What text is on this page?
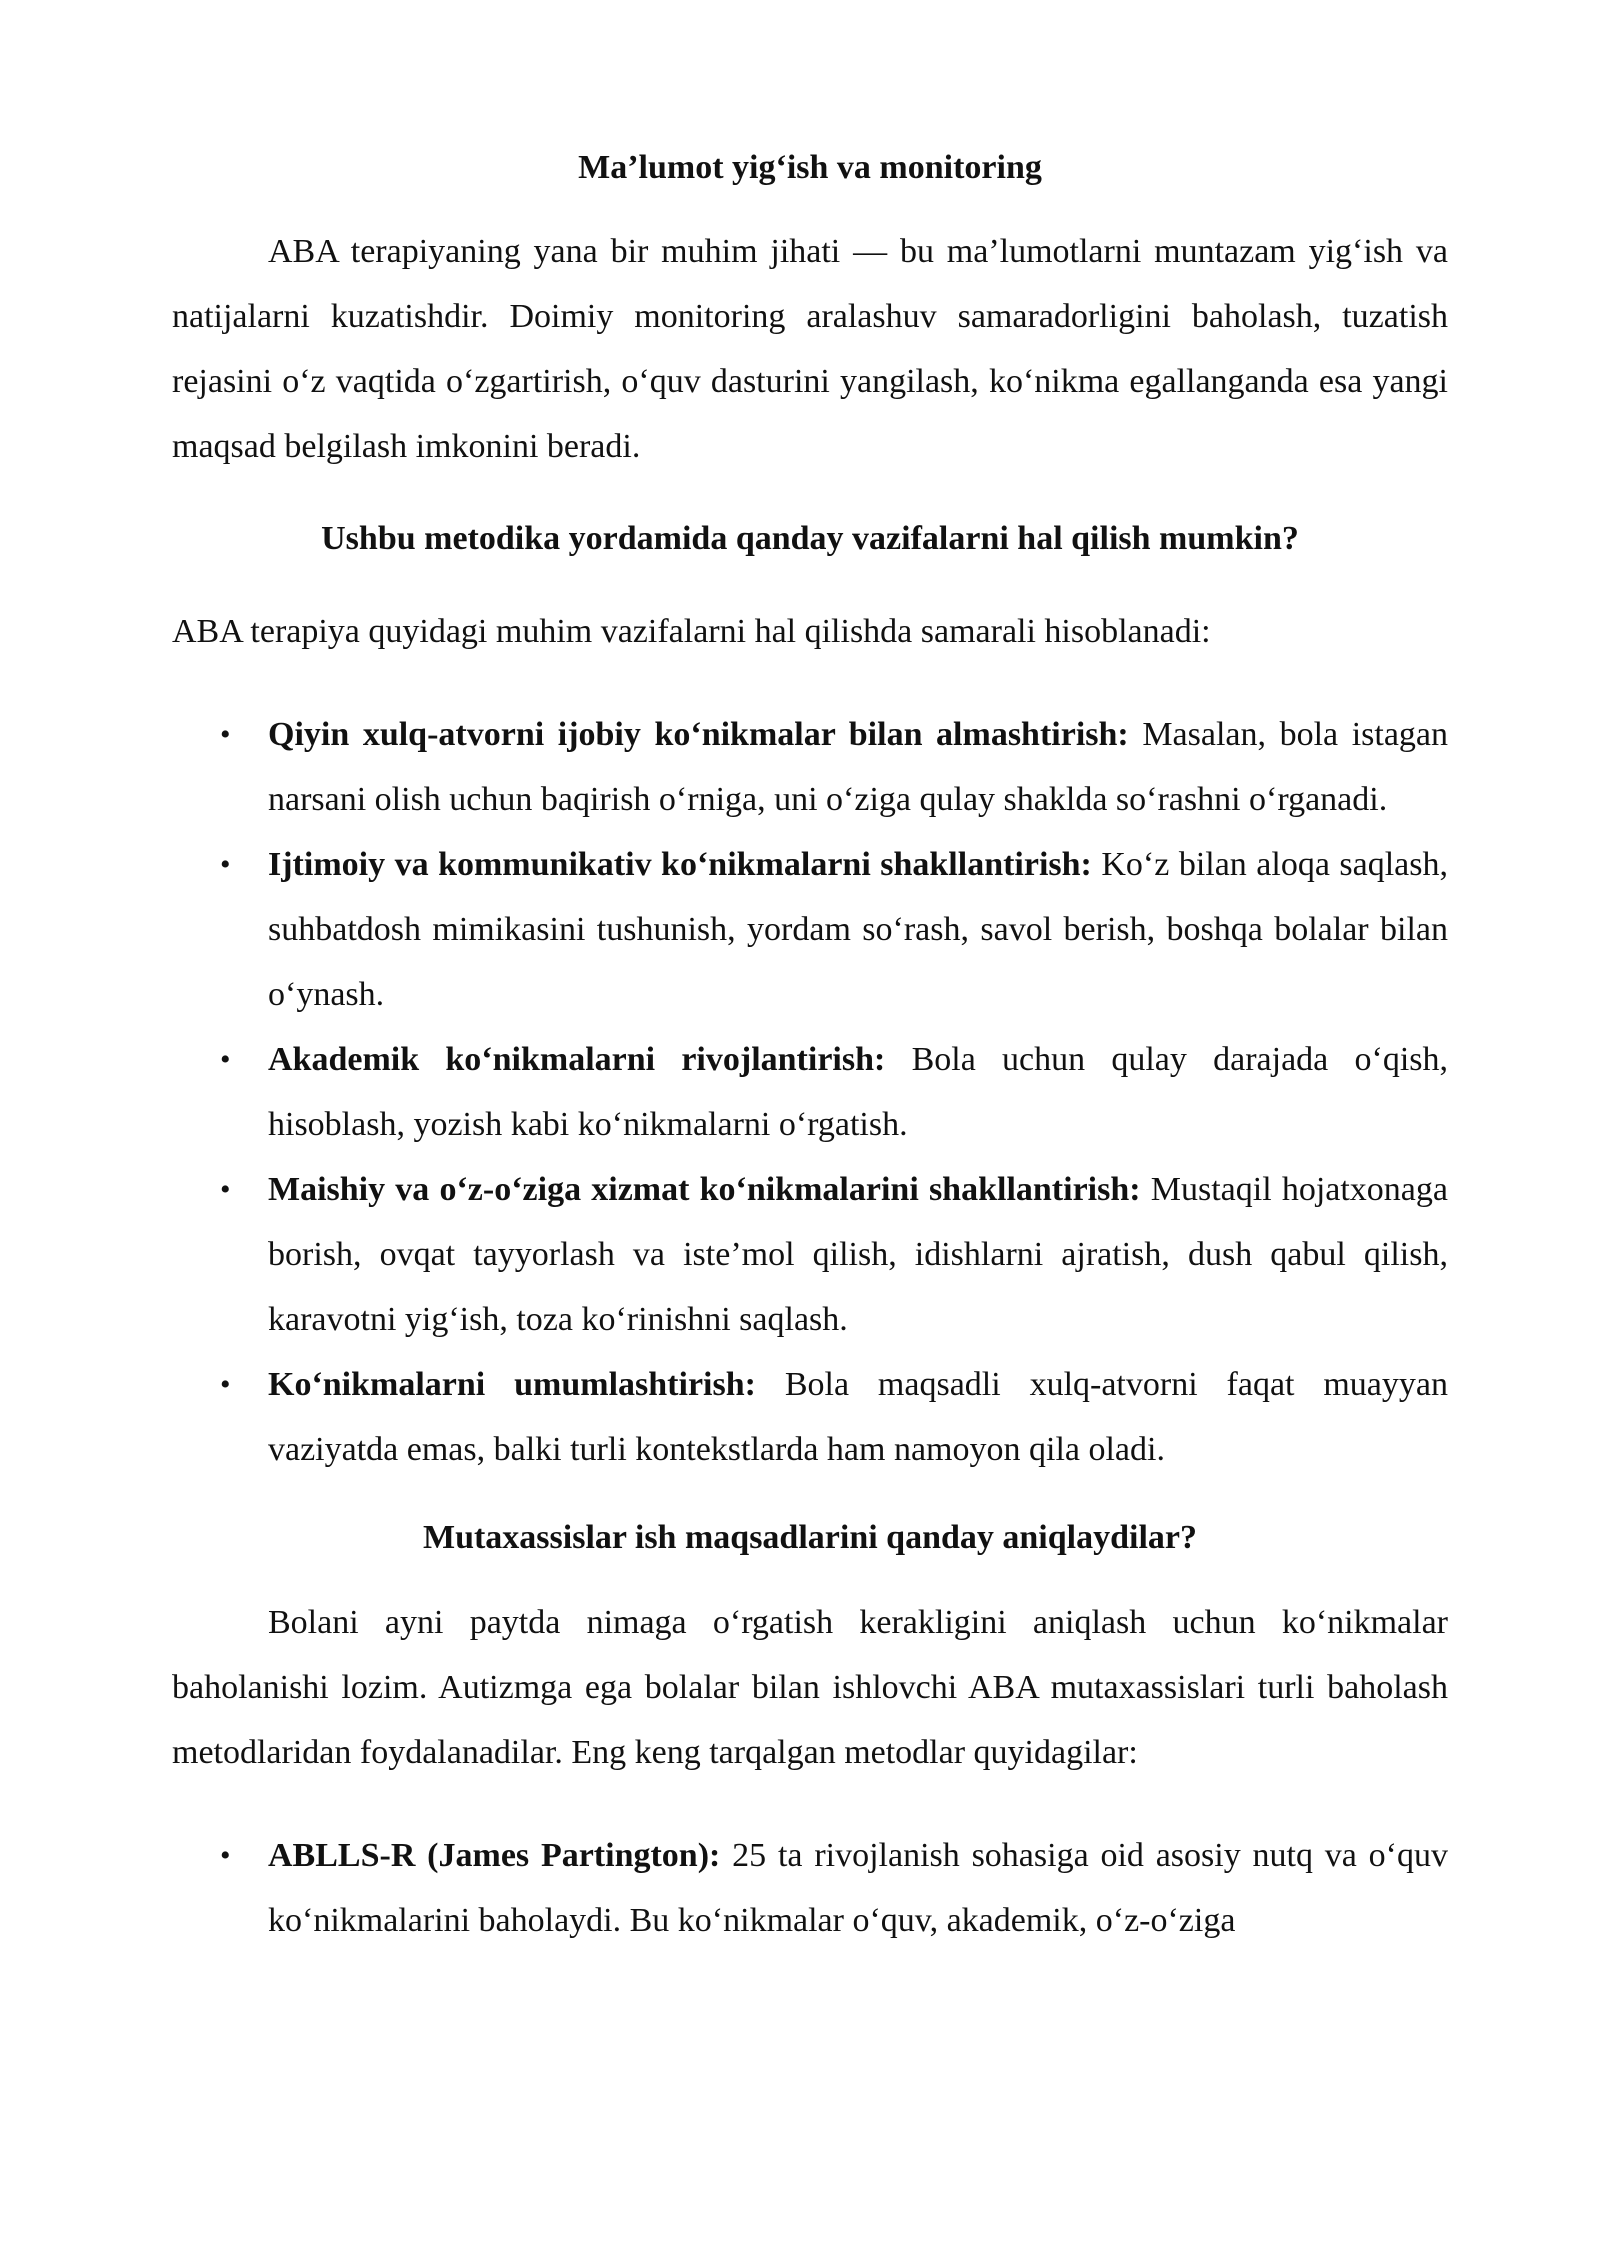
Ma’lumot yig‘ish va monitoring

ABA terapiyaning yana bir muhim jihati — bu ma’lumotlarni muntazam yig‘ish va natijalarni kuzatishdir. Doimiy monitoring aralashuv samaradorligini baholash, tuzatish rejasini o‘z vaqtida o‘zgartirish, o‘quv dasturini yangilash, ko‘nikma egallanganda esa yangi maqsad belgilash imkonini beradi.

Ushbu metodika yordamida qanday vazifalarni hal qilish mumkin?

ABA terapiya quyidagi muhim vazifalarni hal qilishda samarali hisoblanadi:

• Qiyin xulq-atvorni ijobiy ko‘nikmalar bilan almashtirish: Masalan, bola istagan narsani olish uchun baqirish o‘rniga, uni o‘ziga qulay shaklda so‘rashni o‘rganadi.
• Ijtimoiy va kommunikativ ko‘nikmalarni shakllantirish: Ko‘z bilan aloqa saqlash, suhbatdosh mimikasini tushunish, yordam so‘rash, savol berish, boshqa bolalar bilan o‘ynash.
• Akademik ko‘nikmalarni rivojlantirish: Bola uchun qulay darajada o‘qish, hisoblash, yozish kabi ko‘nikmalarni o‘rgatish.
• Maishiy va o‘z-o‘ziga xizmat ko‘nikmalarini shakllantirish: Mustaqil hojatxonaga borish, ovqat tayyorlash va iste’mol qilish, idishlarni ajratish, dush qabul qilish, karavotni yig‘ish, toza ko‘rinishni saqlash.
• Ko‘nikmalarni umumlashtirish: Bola maqsadli xulq-atvorni faqat muayyan vaziyatda emas, balki turli kontekstlarda ham namoyon qila oladi.
Mutaxassislar ish maqsadlarini qanday aniqlaydilar?

Bolani ayni paytda nimaga o‘rgatish kerakligini aniqlash uchun ko‘nikmalar baholanishi lozim. Autizmga ega bolalar bilan ishlovchi ABA mutaxassislari turli baholash metodlaridan foydalanadilar. Eng keng tarqalgan metodlar quyidagilar:

• ABLLS-R (James Partington): 25 ta rivojlanish sohasiga oid asosiy nutq va o‘quv ko‘nikmalarini baholaydi. Bu ko‘nikmalar o‘quv, akademik, o‘z-o‘ziga
